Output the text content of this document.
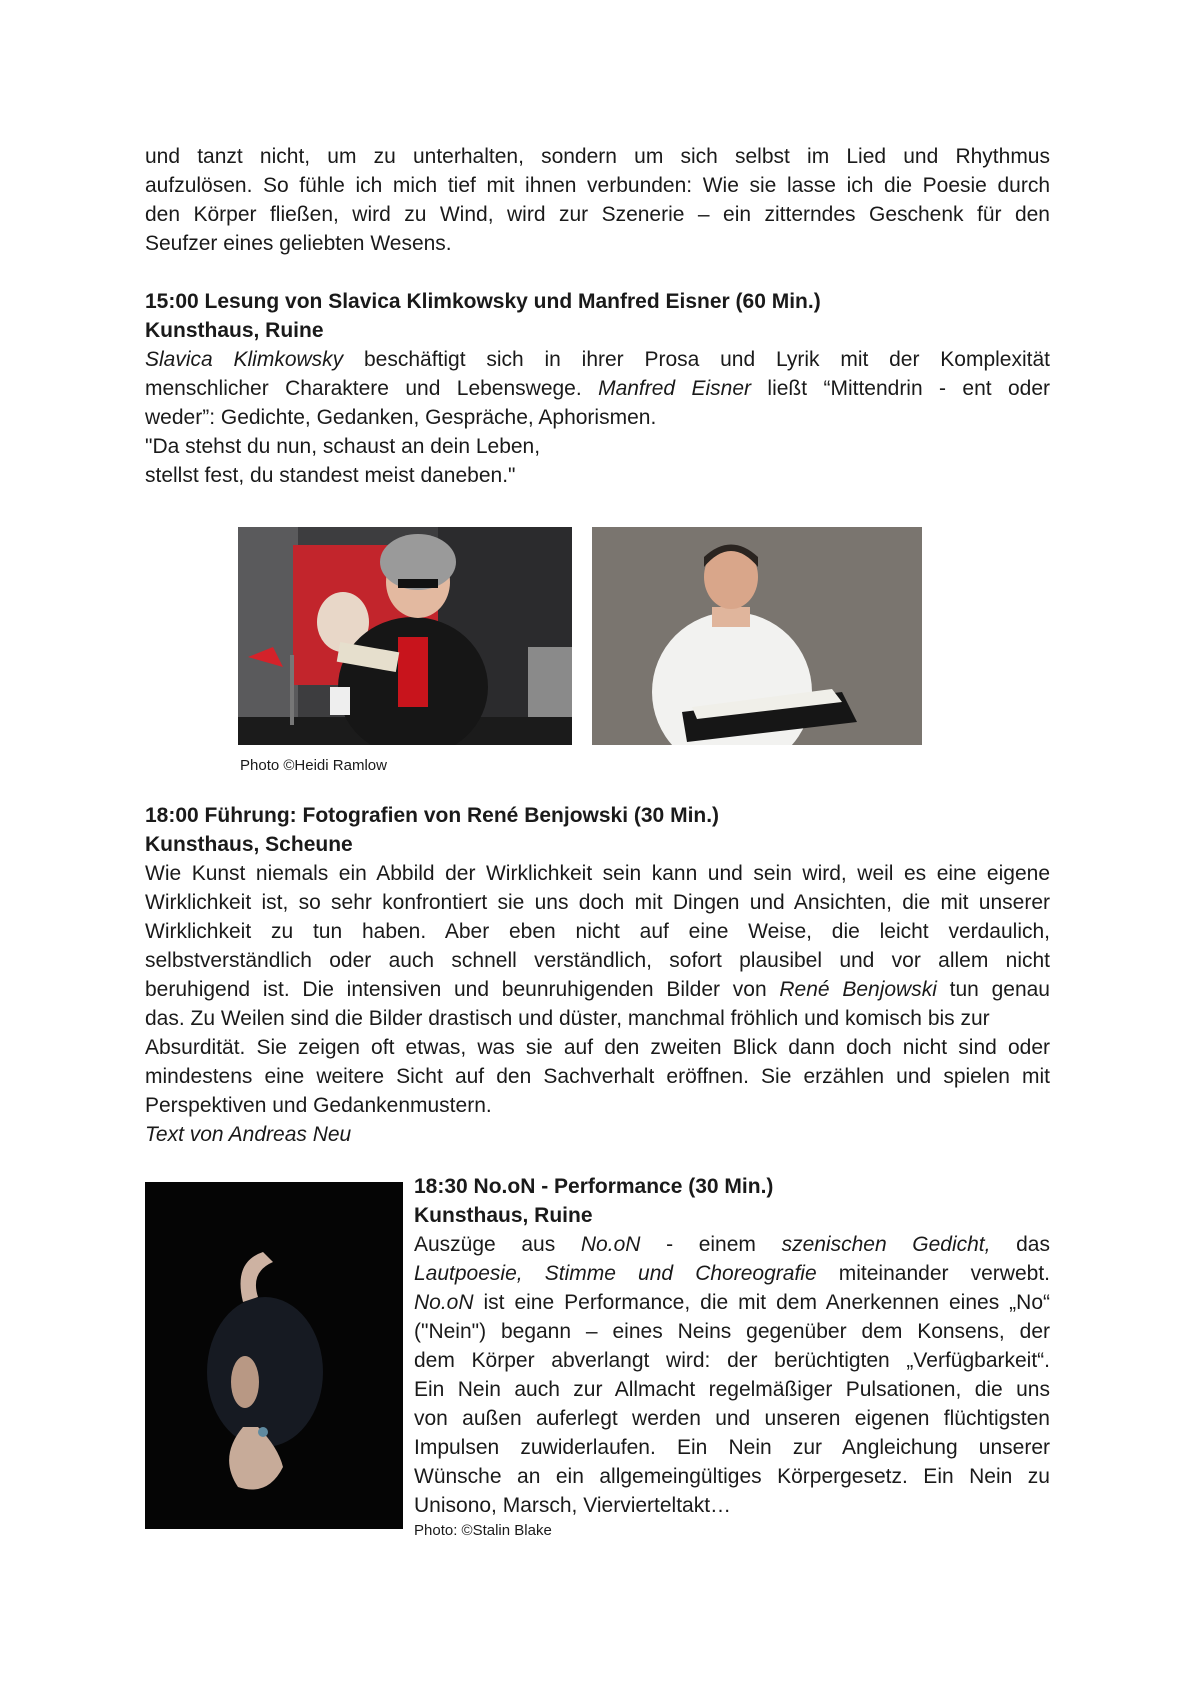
und tanzt nicht, um zu unterhalten, sondern um sich selbst im Lied und Rhythmus

aufzulösen. So fühle ich mich tief mit ihnen verbunden: Wie sie lasse ich die Poesie durch

den Körper fließen, wird zu Wind, wird zur Szenerie – ein zitterndes Geschenk für den

Seufzer eines geliebten Wesens.

15:00 Lesung von Slavica Klimkowsky und Manfred Eisner (60 Min.)

Kunsthaus, Ruine

Slavica Klimkowsky beschäftigt sich in ihrer Prosa und Lyrik mit der Komplexität

menschlicher Charaktere und Lebenswege. Manfred Eisner ließt “Mittendrin - ent oder

weder”: Gedichte, Gedanken, Gespräche, Aphorismen.

"Da stehst du nun, schaust an dein Leben,

stellst fest, du standest meist daneben."

Photo ©Heidi Ramlow

18:00 Führung: Fotografien von René Benjowski (30 Min.)

Kunsthaus, Scheune

Wie Kunst niemals ein Abbild der Wirklichkeit sein kann und sein wird, weil es eine eigene

Wirklichkeit ist, so sehr konfrontiert sie uns doch mit Dingen und Ansichten, die mit unserer

Wirklichkeit zu tun haben. Aber eben nicht auf eine Weise, die leicht verdaulich,

selbstverständlich oder auch schnell verständlich, sofort plausibel und vor allem nicht

beruhigend ist. Die intensiven und beunruhigenden Bilder von René Benjowski tun genau

das. Zu Weilen sind die Bilder drastisch und düster, manchmal fröhlich und komisch bis zur

Absurdität. Sie zeigen oft etwas, was sie auf den zweiten Blick dann doch nicht sind oder

mindestens eine weitere Sicht auf den Sachverhalt eröffnen. Sie erzählen und spielen mit

Perspektiven und Gedankenmustern.

Text von Andreas Neu

18:30 No.oN - Performance (30 Min.)

Kunsthaus, Ruine

Auszüge aus No.oN - einem szenischen Gedicht, das

Lautpoesie, Stimme und Choreografie miteinander verwebt.

No.oN ist eine Performance, die mit dem Anerkennen eines „No“

("Nein") begann – eines Neins gegenüber dem Konsens, der

dem Körper abverlangt wird: der berüchtigten „Verfügbarkeit“.

Ein Nein auch zur Allmacht regelmäßiger Pulsationen, die uns

von außen auferlegt werden und unseren eigenen flüchtigsten

Impulsen zuwiderlaufen. Ein Nein zur Angleichung unserer

Wünsche an ein allgemeingültiges Körpergesetz. Ein Nein zu

Unisono, Marsch, Viervierteltakt…

Photo: ©Stalin Blake
